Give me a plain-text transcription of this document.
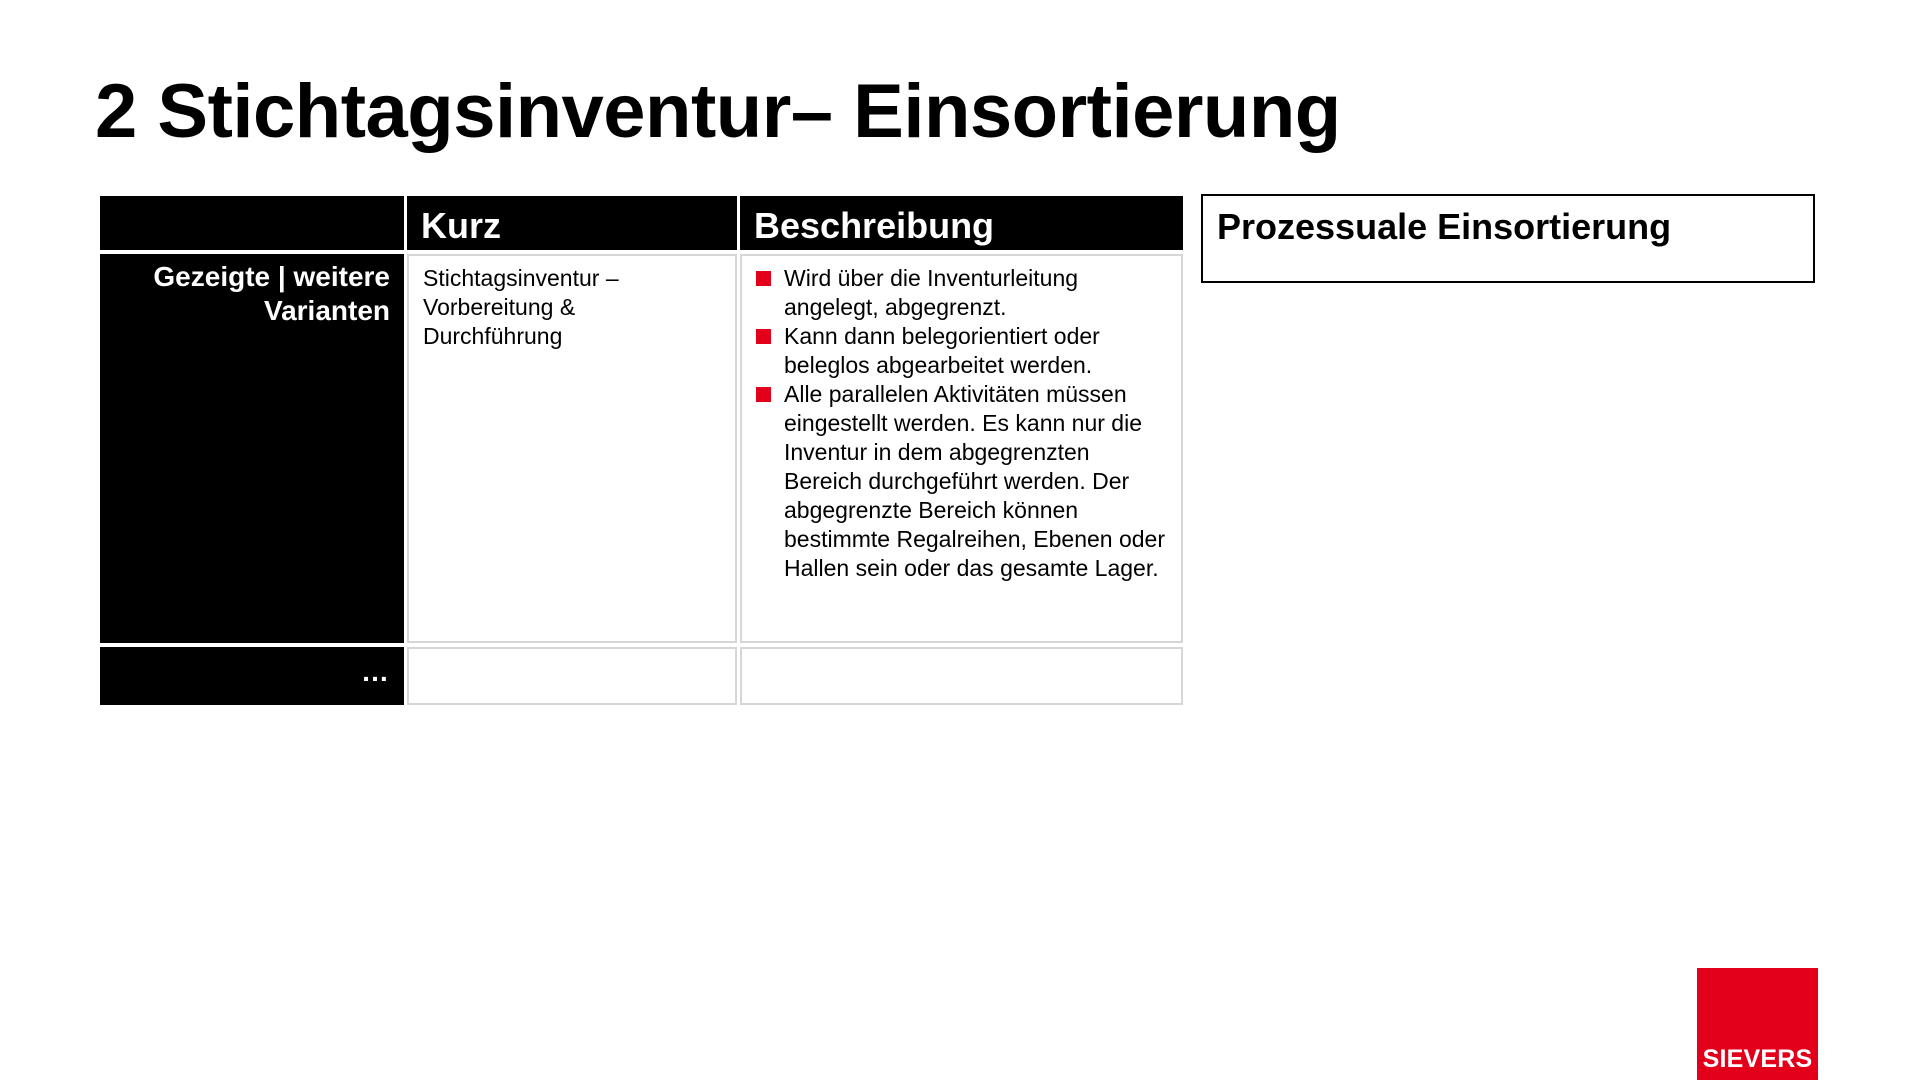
2 Stichtagsinventur– Einsortierung
Kurz	Beschreibung
Gezeigte | weitere Varianten
Stichtagsinventur –
Vorbereitung &
Durchführung
Wird über die Inventurleitung angelegt, abgegrenzt.
Kann dann belegorientiert oder beleglos abgearbeitet werden.
Alle parallelen Aktivitäten müssen eingestellt werden. Es kann nur die Inventur in dem abgegrenzten Bereich durchgeführt werden. Der abgegrenzte Bereich können bestimmte Regalreihen, Ebenen oder Hallen sein oder das gesamte Lager.
…
Prozessuale Einsortierung
SIEVERS
